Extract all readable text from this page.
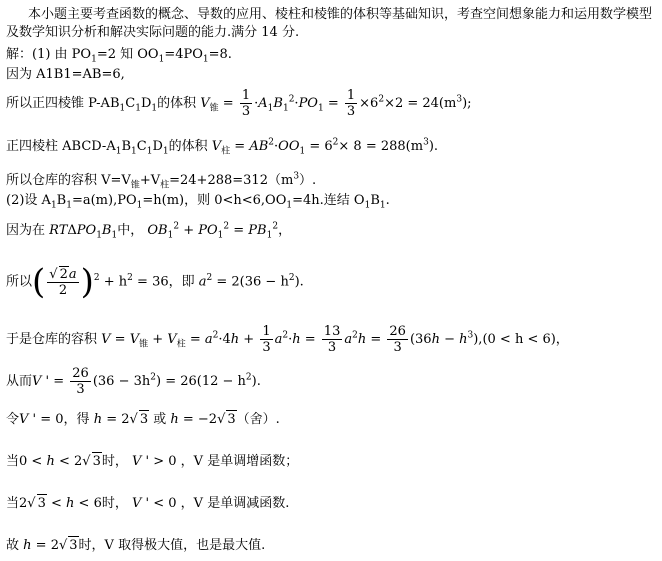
本小题主要考查函数的概念、导数的应用、棱柱和棱锥的体积等基础知识，考查空间想象能力和运用数学模型及数学知识分析和解决实际问题的能力.满分 14 分.
解：(1) 由 $PO_1=2$ 知 $OO_1=4PO_1=8$.
因为 A1B1=AB=6,
所以正四棱锥 $P-AB_1C_1D_1$的体积 $V_锥 = \frac{1}{3} \cdot A_1B_1^2\cdot PO_1 = \frac{1}{3} \times 6^2\times 2 = 24(m^3)$;
正四棱柱 ABCD-$A_1B_1C_1D_1$的体积 $V_柱 = AB^2\cdot OO_1 = 6^2\times 8 = 288(m^3)$.
所以仓库的容积 $V=V_锥+V_柱=24+288=312(m^3)$.
(2)设 $A_1B_1=a(m),PO_1=h(m)$，则 $0<h<6,OO_1=4h$.连结 $O_1B_1$.
因为在 $RT\Delta PO_1B_1$中， $OB_1^2 + PO_1^2 = PB_1^2$，
所以( $\frac{√ 2a}{2} )^2 + h^2 = 36$，即 $a^2 = 2(36 - h^2)$.
于是仓库的容积 $V = V_锥 + V_柱 = a^2\cdot 4h + \frac{1}{3} a^2\cdot h = \frac{13}{3} a^2h = \frac{26}{3} (36h - h^3),(0 < h < 6)$，
从而V ' = $\frac{26}{3} (36 - 3h^2) = 26(12 - h^2)$.
令V ' = 0，得 h = 2√ 3 或 h = −2√ 3（舍）.
当0 < h < 2√ 3时， V ' > 0 ，V 是单调增函数；
当2√ 3 < h < 6时， V ' < 0 ，V 是单调减函数.
故 h = 2√ 3时，V 取得极大值，也是最大值.
